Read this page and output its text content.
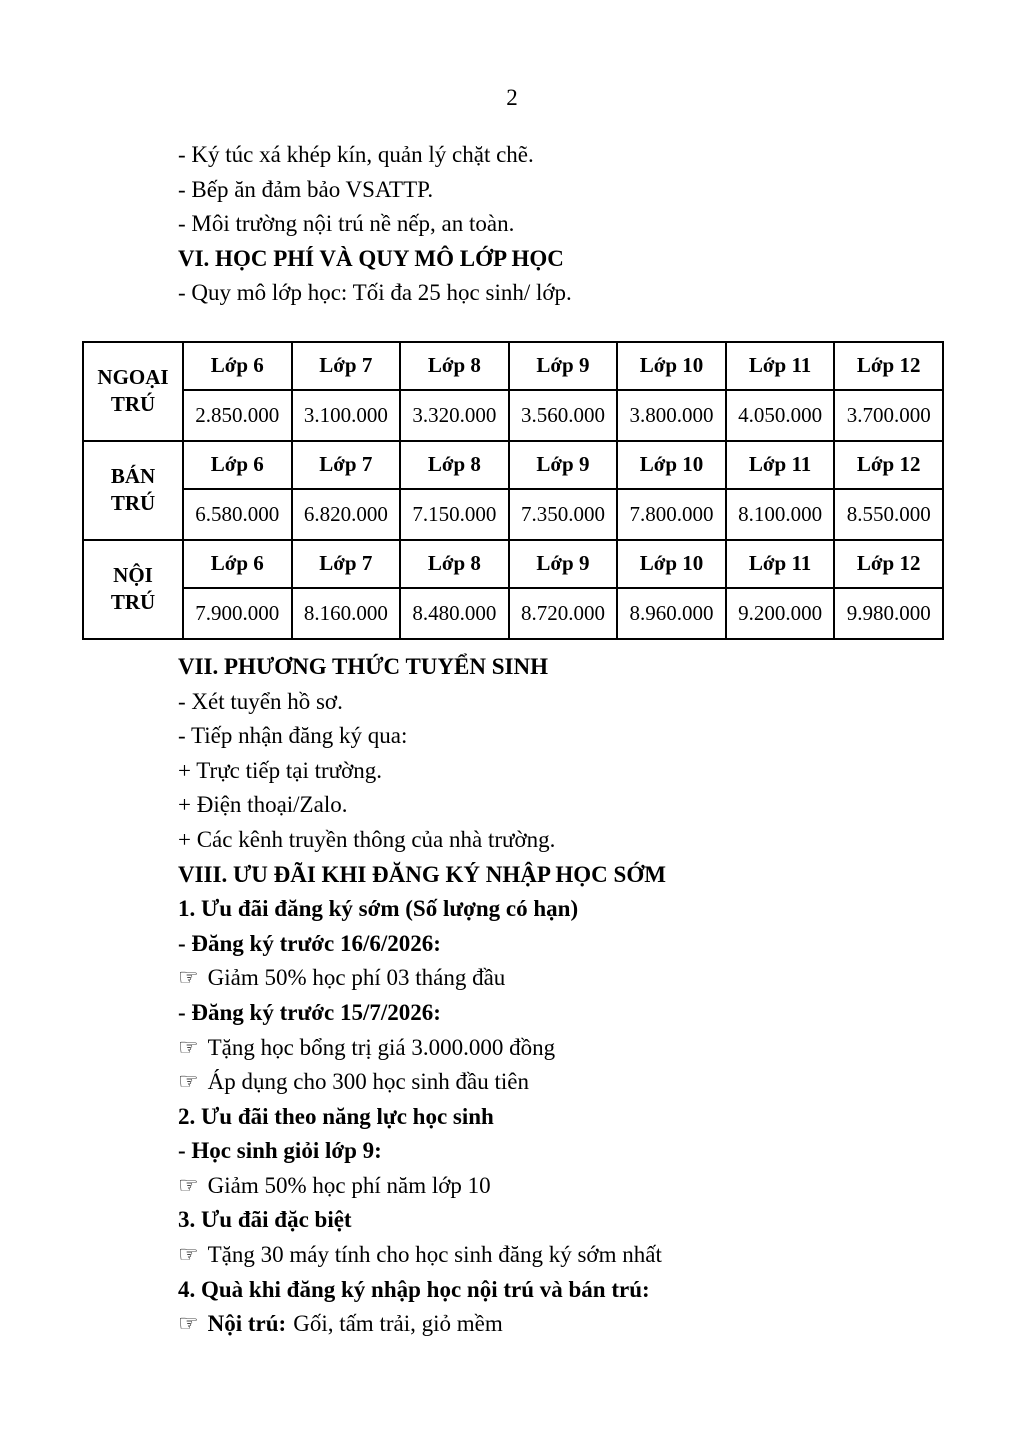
2

- Ký túc xá khép kín, quản lý chặt chẽ.

- Bếp ăn đảm bảo VSATTP.

- Môi trường nội trú nề nếp, an toàn.

VI. HỌC PHÍ VÀ QUY MÔ LỚP HỌC

- Quy mô lớp học: Tối đa 25 học sinh/ lớp.

NGOẠI TRÚ	Lớp 6	Lớp 7	Lớp 8	Lớp 9	Lớp 10	Lớp 11	Lớp 12
	2.850.000	3.100.000	3.320.000	3.560.000	3.800.000	4.050.000	3.700.000
BÁN TRÚ	Lớp 6	Lớp 7	Lớp 8	Lớp 9	Lớp 10	Lớp 11	Lớp 12
	6.580.000	6.820.000	7.150.000	7.350.000	7.800.000	8.100.000	8.550.000
NỘI TRÚ	Lớp 6	Lớp 7	Lớp 8	Lớp 9	Lớp 10	Lớp 11	Lớp 12
	7.900.000	8.160.000	8.480.000	8.720.000	8.960.000	9.200.000	9.980.000

VII. PHƯƠNG THỨC TUYỂN SINH

- Xét tuyển hồ sơ.

- Tiếp nhận đăng ký qua:

+ Trực tiếp tại trường.

+ Điện thoại/Zalo.

+ Các kênh truyền thông của nhà trường.

VIII. ƯU ĐÃI KHI ĐĂNG KÝ NHẬP HỌC SỚM

1. Ưu đãi đăng ký sớm (Số lượng có hạn)

- Đăng ký trước 16/6/2026:

☞ Giảm 50% học phí 03 tháng đầu

- Đăng ký trước 15/7/2026:

☞ Tặng học bổng trị giá 3.000.000 đồng

☞ Áp dụng cho 300 học sinh đầu tiên

2. Ưu đãi theo năng lực học sinh

- Học sinh giỏi lớp 9:

☞ Giảm 50% học phí năm lớp 10

3. Ưu đãi đặc biệt

☞ Tặng 30 máy tính cho học sinh đăng ký sớm nhất

4. Quà khi đăng ký nhập học nội trú và bán trú:

☞ Nội trú: Gối, tấm trải, giỏ mềm
